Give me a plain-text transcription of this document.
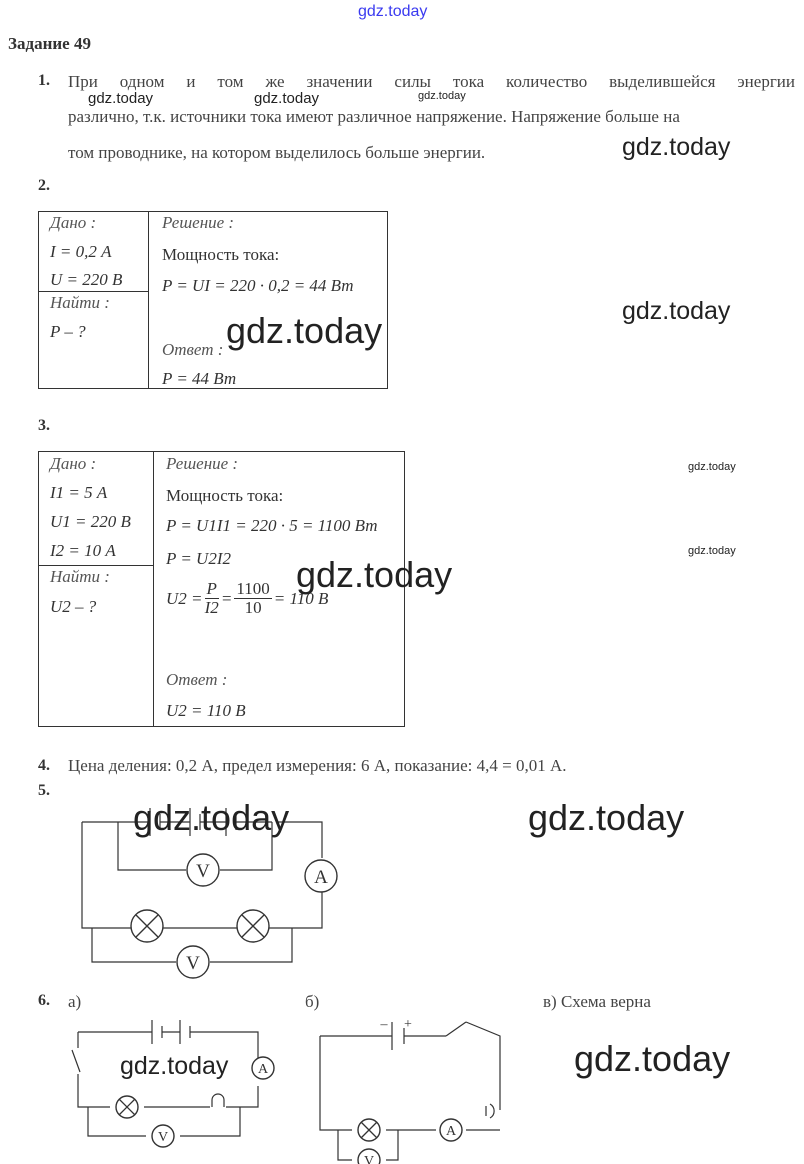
gdz.today
Задание 49
1. При одном и том же значении силы тока количество выделившейся энергии
gdz.today	gdz.today	gdz.today
различно, т.к. источники тока имеют различное напряжение. Напряжение больше на
том проводнике, на котором выделилось больше энергии.	gdz.today
2.
Дано :
I = 0,2 А
U = 220 В
Найти :
P – ?
Решение :
Мощность тока:
P = UI = 220 · 0,2 = 44 Вт
Ответ :
P = 44 Вт
gdz.today	gdz.today
3.
Дано :
I1 = 5 А
U1 = 220 В
I2 = 10 А
Найти :
U2 – ?
Решение :
Мощность тока:
P = U1I1 = 220 · 5 = 1100 Вт
P = U2I2
$U2 = \frac{P}{I2} = \frac{1100}{10} = 110$ В
Ответ :
U2 = 110 В
gdz.today
gdz.today
gdz.today
4. Цена деления: 0,2 А, предел измерения: 6 А, показание: 4,4 = 0,01 А.
5.
V	A
V
gdz.today	gdz.today
6. а)	б)	в) Схема верна
A
V	A
V
– +
gdz.today	gdz.today
